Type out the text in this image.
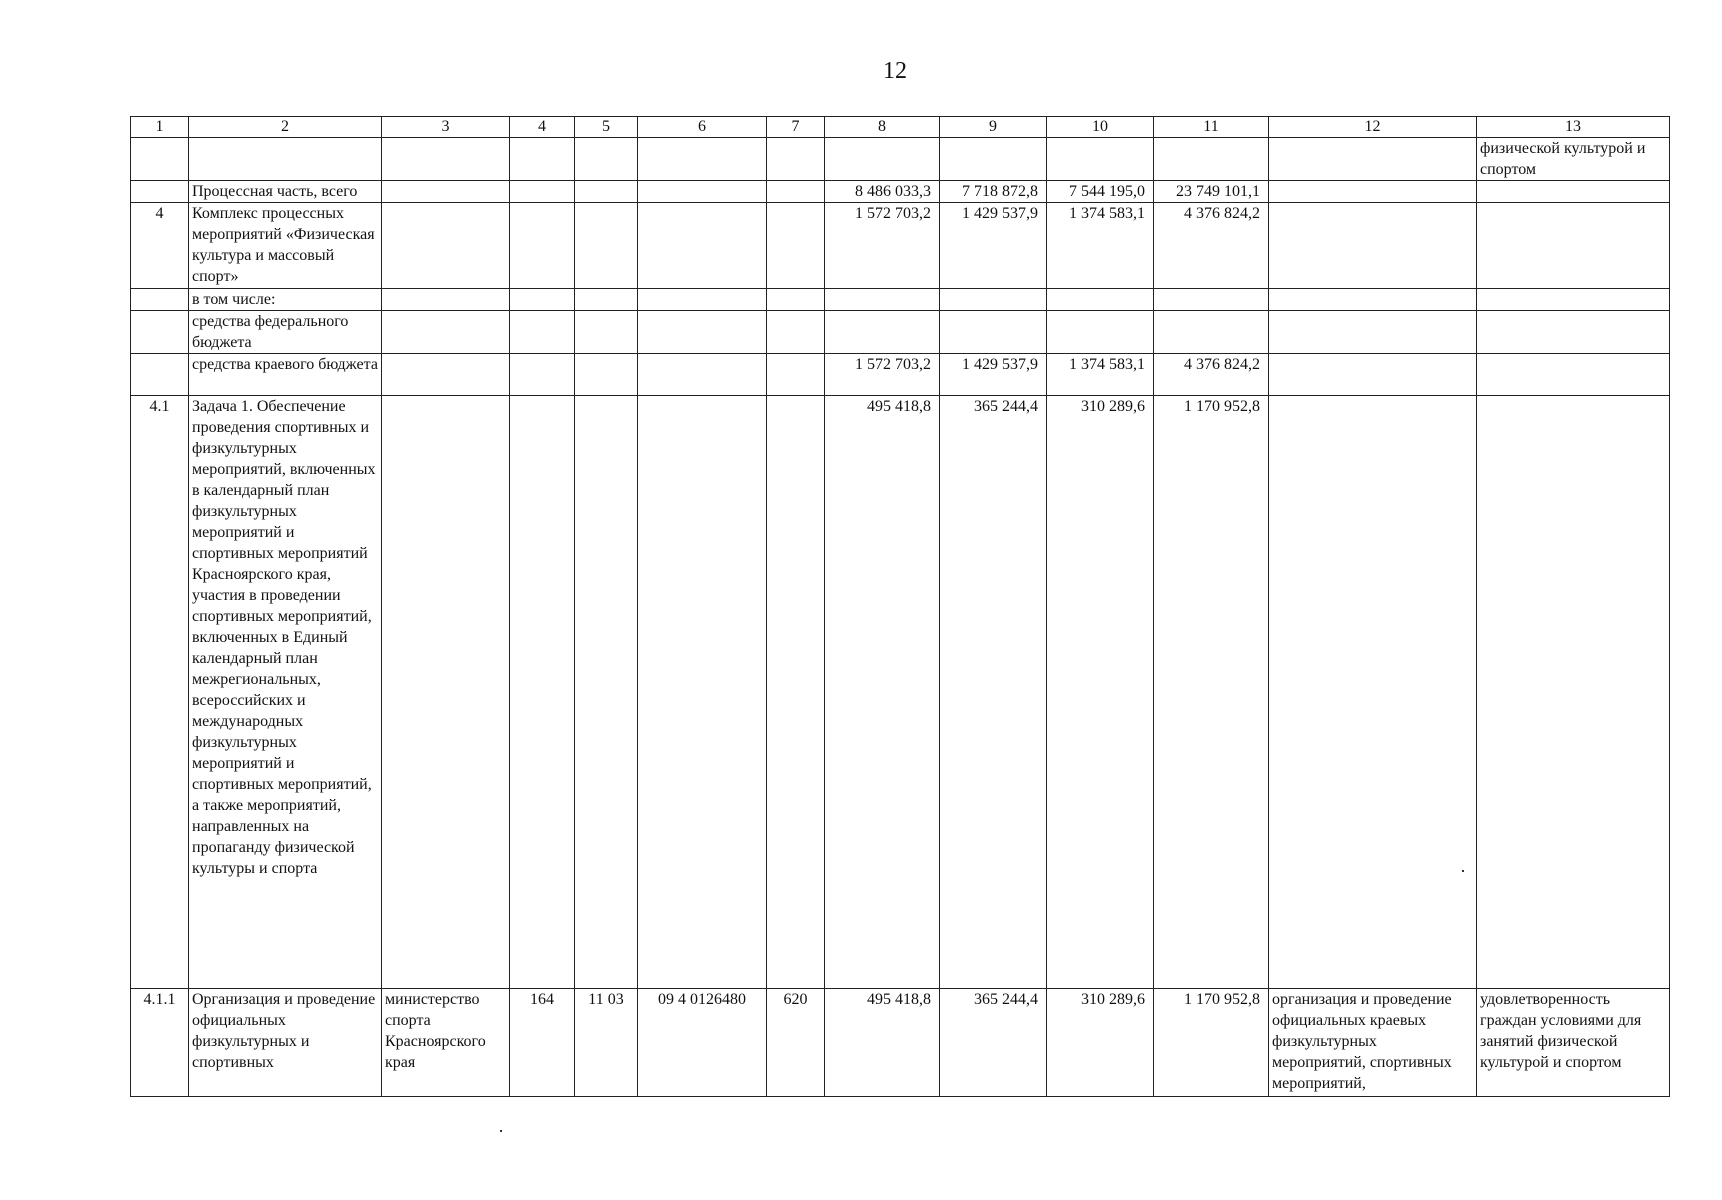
12
1	2	3	4	5	6	7	8	9	10	11	12	13
												физической культурой и спортом
	Процессная часть, всего						8 486 033,3	7 718 872,8	7 544 195,0	23 749 101,1		
4	Комплекс процессных мероприятий «Физическая культура и массовый спорт»						1 572 703,2	1 429 537,9	1 374 583,1	4 376 824,2		
	в том числе:											
	средства федерального бюджета											
	средства краевого бюджета						1 572 703,2	1 429 537,9	1 374 583,1	4 376 824,2		
4.1	Задача 1. Обеспечение проведения спортивных и физкультурных мероприятий, включенных в календарный план физкультурных мероприятий и спортивных мероприятий Красноярского края, участия в проведении спортивных мероприятий, включенных в Единый календарный план межрегиональных, всероссийских и международных физкультурных мероприятий и спортивных мероприятий, а также мероприятий, направленных на пропаганду физической культуры и спорта						495 418,8	365 244,4	310 289,6	1 170 952,8		
4.1.1	Организация и проведение официальных физкультурных и спортивных	министерство спорта Красноярского края	164	11 03	09 4 0126480	620	495 418,8	365 244,4	310 289,6	1 170 952,8	организация и проведение официальных краевых физкультурных мероприятий, спортивных мероприятий,	удовлетворенность граждан условиями для занятий физической культурой и спортом
